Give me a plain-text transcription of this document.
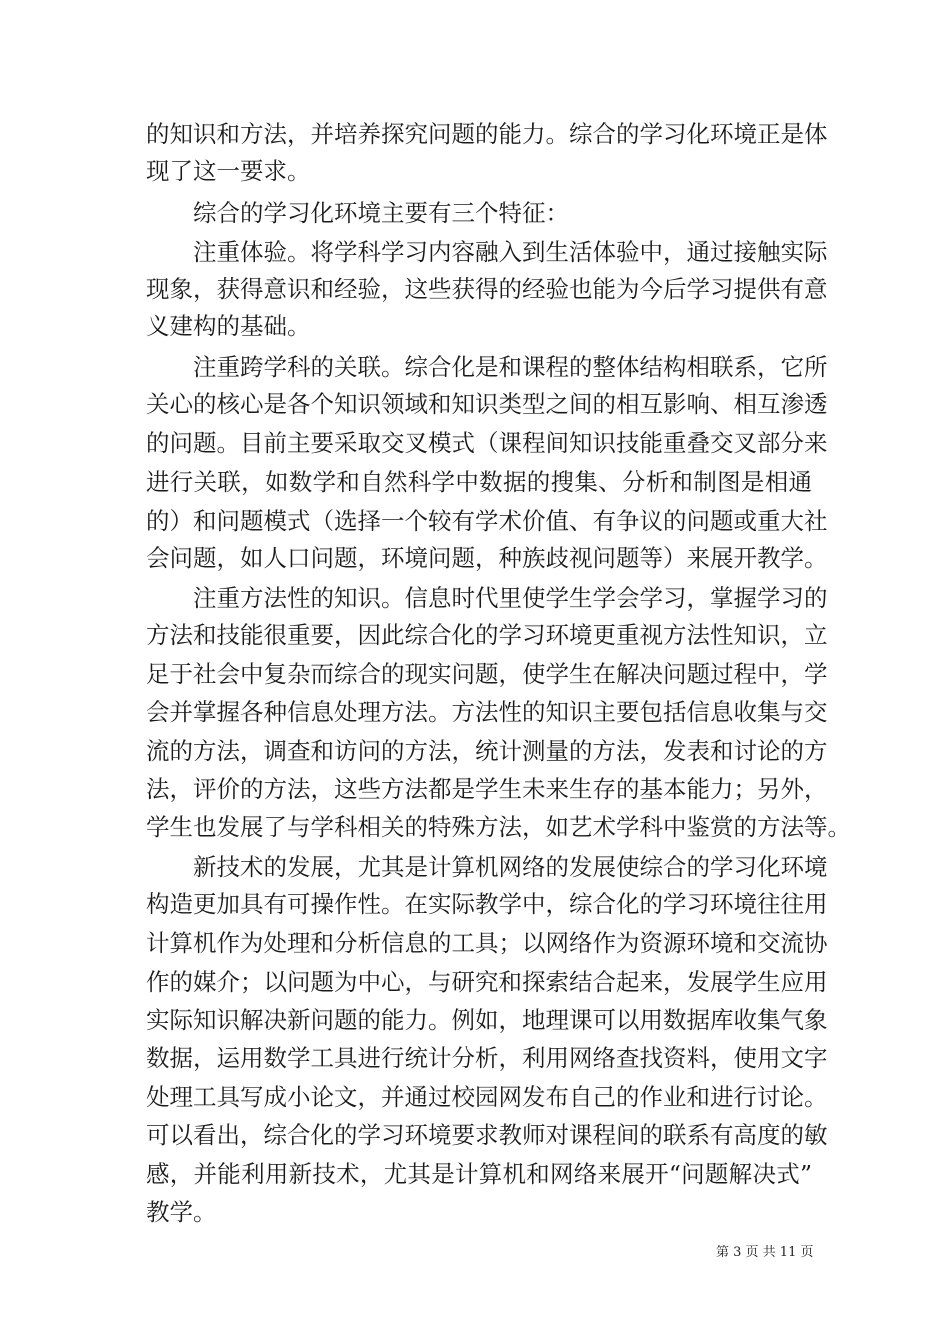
的知识和方法，并培养探究问题的能力。综合的学习化环境正是体
现了这一要求。
综合的学习化环境主要有三个特征：
注重体验。将学科学习内容融入到生活体验中，通过接触实际
现象，获得意识和经验，这些获得的经验也能为今后学习提供有意
义建构的基础。
注重跨学科的关联。综合化是和课程的整体结构相联系，它所
关心的核心是各个知识领域和知识类型之间的相互影响、相互渗透
的问题。目前主要采取交叉模式（课程间知识技能重叠交叉部分来
进行关联，如数学和自然科学中数据的搜集、分析和制图是相通
的）和问题模式（选择一个较有学术价值、有争议的问题或重大社
会问题，如人口问题，环境问题，种族歧视问题等）来展开教学。
注重方法性的知识。信息时代里使学生学会学习，掌握学习的
方法和技能很重要，因此综合化的学习环境更重视方法性知识，立
足于社会中复杂而综合的现实问题，使学生在解决问题过程中，学
会并掌握各种信息处理方法。方法性的知识主要包括信息收集与交
流的方法，调查和访问的方法，统计测量的方法，发表和讨论的方
法，评价的方法，这些方法都是学生未来生存的基本能力；另外，
学生也发展了与学科相关的特殊方法，如艺术学科中鉴赏的方法等。
新技术的发展，尤其是计算机网络的发展使综合的学习化环境
构造更加具有可操作性。在实际教学中，综合化的学习环境往往用
计算机作为处理和分析信息的工具；以网络作为资源环境和交流协
作的媒介；以问题为中心，与研究和探索结合起来，发展学生应用
实际知识解决新问题的能力。例如，地理课可以用数据库收集气象
数据，运用数学工具进行统计分析，利用网络查找资料，使用文字
处理工具写成小论文，并通过校园网发布自己的作业和进行讨论。
可以看出，综合化的学习环境要求教师对课程间的联系有高度的敏
感，并能利用新技术，尤其是计算机和网络来展开“问题解决式”
教学。
第 3 页 共 11 页
